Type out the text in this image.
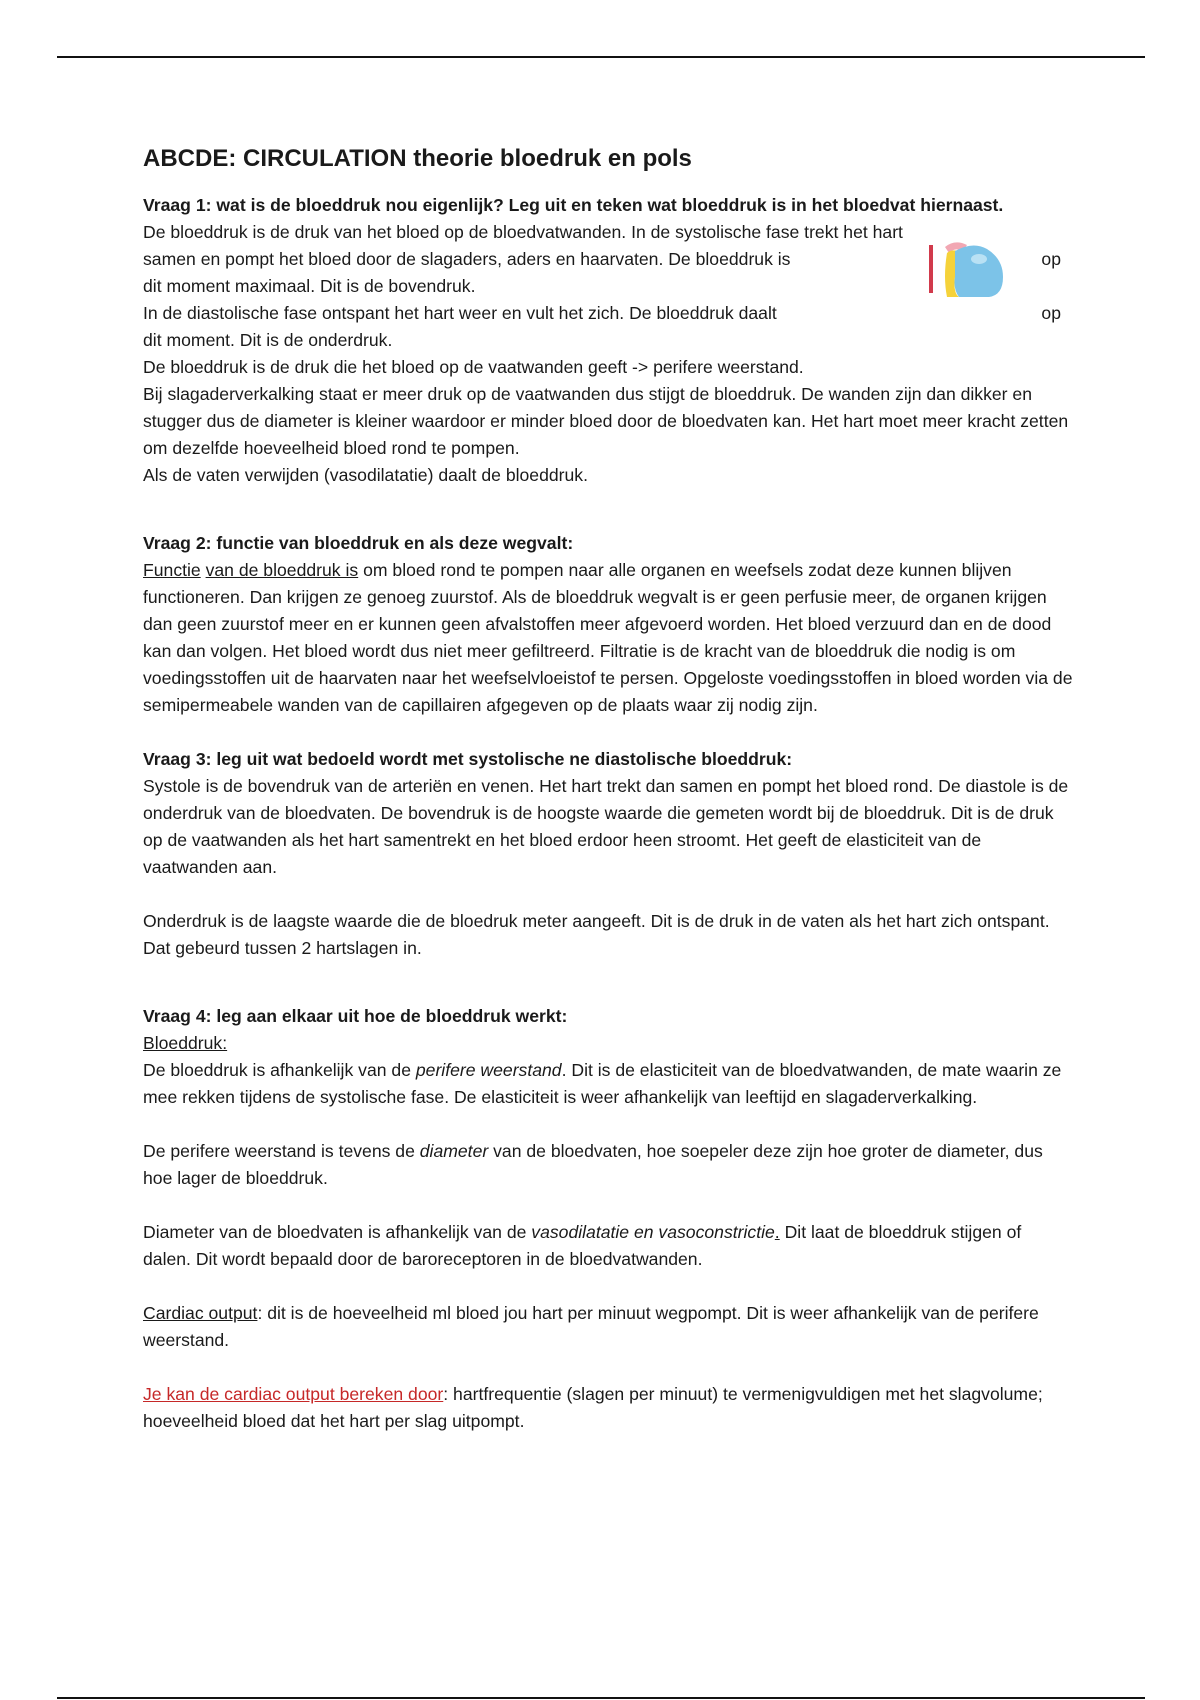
ABCDE: CIRCULATION theorie bloedruk en pols

Vraag 1: wat is de bloeddruk nou eigenlijk? Leg uit en teken wat bloeddruk is in het bloedvat hiernaast.

De bloeddruk is de druk van het bloed op de bloedvatwanden. In de systolische fase trekt het hart

samen en pompt het bloed door de slagaders, aders en haarvaten. De bloeddruk is	op

dit moment maximaal. Dit is de bovendruk.

In de diastolische fase ontspant het hart weer en vult het zich. De bloeddruk daalt	op

dit moment. Dit is de onderdruk.

De bloeddruk is de druk die het bloed op de vaatwanden geeft -> perifere weerstand.

Bij slagaderverkalking staat er meer druk op de vaatwanden dus stijgt de bloeddruk. De wanden zijn dan dikker en stugger dus de diameter is kleiner waardoor er minder bloed door de bloedvaten kan. Het hart moet meer kracht zetten om dezelfde hoeveelheid bloed rond te pompen.

Als de vaten verwijden (vasodilatatie) daalt de bloeddruk.

Vraag 2: functie van bloeddruk en als deze wegvalt:

Functie van de bloeddruk is om bloed rond te pompen naar alle organen en weefsels zodat deze kunnen blijven functioneren. Dan krijgen ze genoeg zuurstof. Als de bloeddruk wegvalt is er geen perfusie meer, de organen krijgen dan geen zuurstof meer en er kunnen geen afvalstoffen meer afgevoerd worden. Het bloed verzuurd dan en de dood kan dan volgen. Het bloed wordt dus niet meer gefiltreerd. Filtratie is de kracht van de bloeddruk die nodig is om voedingsstoffen uit de haarvaten naar het weefselvloeistof te persen. Opgeloste voedingsstoffen in bloed worden via de semipermeabele wanden van de capillairen afgegeven op de plaats waar zij nodig zijn.

Vraag 3: leg uit wat bedoeld wordt met systolische ne diastolische bloeddruk:

Systole is de bovendruk van de arteriën en venen. Het hart trekt dan samen en pompt het bloed rond. De diastole is de onderdruk van de bloedvaten. De bovendruk is de hoogste waarde die gemeten wordt bij de bloeddruk. Dit is de druk op de vaatwanden als het hart samentrekt en het bloed erdoor heen stroomt. Het geeft de elasticiteit van de vaatwanden aan.

Onderdruk is de laagste waarde die de bloedruk meter aangeeft. Dit is de druk in de vaten als het hart zich ontspant. Dat gebeurd tussen 2 hartslagen in.

Vraag 4: leg aan elkaar uit hoe de bloeddruk werkt:

Bloeddruk:

De bloeddruk is afhankelijk van de perifere weerstand. Dit is de elasticiteit van de bloedvatwanden, de mate waarin ze mee rekken tijdens de systolische fase. De elasticiteit is weer afhankelijk van leeftijd en slagaderverkalking.

De perifere weerstand is tevens de diameter van de bloedvaten, hoe soepeler deze zijn hoe groter de diameter, dus hoe lager de bloeddruk.

Diameter van de bloedvaten is afhankelijk van de vasodilatatie en vasoconstrictie. Dit laat de bloeddruk stijgen of dalen. Dit wordt bepaald door de baroreceptoren in de bloedvatwanden.

Cardiac output: dit is de hoeveelheid ml bloed jou hart per minuut wegpompt. Dit is weer afhankelijk van de perifere weerstand.

Je kan de cardiac output bereken door: hartfrequentie (slagen per minuut) te vermenigvuldigen met het slagvolume; hoeveelheid bloed dat het hart per slag uitpompt.
